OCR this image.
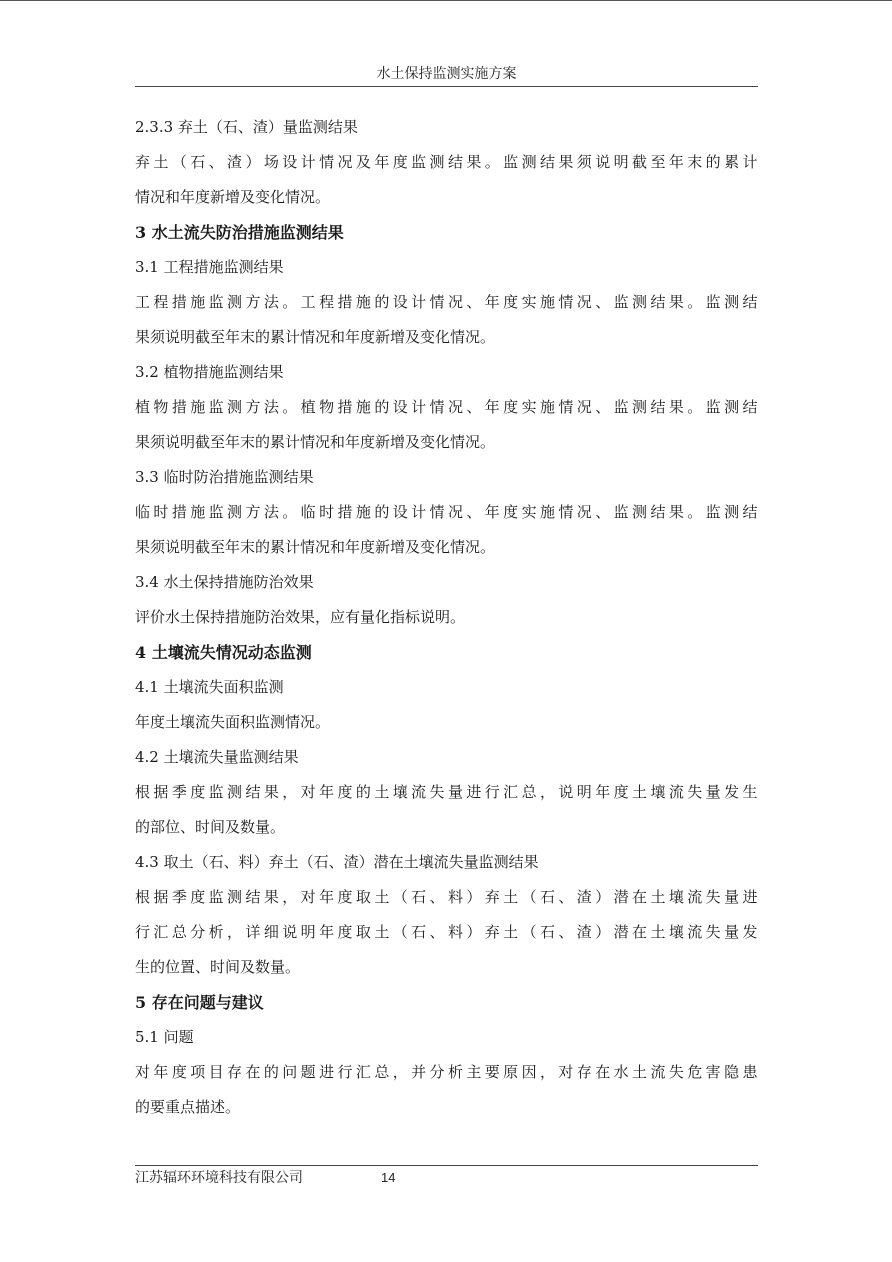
水土保持监测实施方案
2.3.3 弃土（石、渣）量监测结果
弃土（石、渣）场设计情况及年度监测结果。监测结果须说明截至年末的累计
情况和年度新增及变化情况。
3 水土流失防治措施监测结果
3.1 工程措施监测结果
工程措施监测方法。工程措施的设计情况、年度实施情况、监测结果。监测结
果须说明截至年末的累计情况和年度新增及变化情况。
3.2 植物措施监测结果
植物措施监测方法。植物措施的设计情况、年度实施情况、监测结果。监测结
果须说明截至年末的累计情况和年度新增及变化情况。
3.3 临时防治措施监测结果
临时措施监测方法。临时措施的设计情况、年度实施情况、监测结果。监测结
果须说明截至年末的累计情况和年度新增及变化情况。
3.4 水土保持措施防治效果
评价水土保持措施防治效果，应有量化指标说明。
4 土壤流失情况动态监测
4.1 土壤流失面积监测
年度土壤流失面积监测情况。
4.2 土壤流失量监测结果
根据季度监测结果，对年度的土壤流失量进行汇总，说明年度土壤流失量发生
的部位、时间及数量。
4.3 取土（石、料）弃土（石、渣）潜在土壤流失量监测结果
根据季度监测结果，对年度取土（石、料）弃土（石、渣）潜在土壤流失量进
行汇总分析，详细说明年度取土（石、料）弃土（石、渣）潜在土壤流失量发
生的位置、时间及数量。
5 存在问题与建议
5.1 问题
对年度项目存在的问题进行汇总，并分析主要原因，对存在水土流失危害隐患
的要重点描述。
江苏辐环环境科技有限公司	14
